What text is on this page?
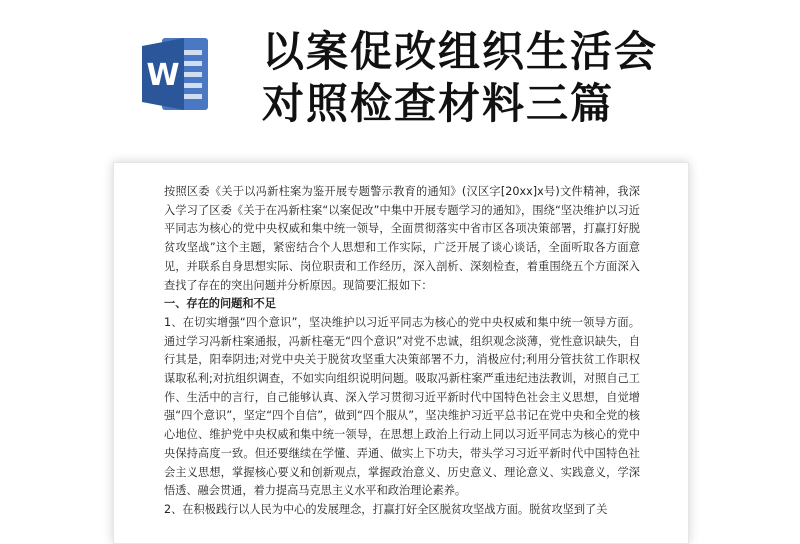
W 以案促改组织生活会
对照检查材料三篇

按照区委《关于以冯新柱案为鉴开展专题警示教育的通知》(汉区字[20xx]x号)文件精神，我深入学习了区委《关于在冯新柱案“以案促改”中集中开展专题学习的通知》，围绕“坚决维护以习近平同志为核心的党中央权威和集中统一领导，全面贯彻落实中省市区各项决策部署，打赢打好脱贫攻坚战”这个主题，紧密结合个人思想和工作实际，广泛开展了谈心谈话，全面听取各方面意见，并联系自身思想实际、岗位职责和工作经历，深入剖析、深刻检查，着重围绕五个方面深入查找了存在的突出问题并分析原因。现简要汇报如下：

一、存在的问题和不足

1、在切实增强“四个意识”，坚决维护以习近平同志为核心的党中央权威和集中统一领导方面。通过学习冯新柱案通报，冯新柱毫无“四个意识”对党不忠诚，组织观念淡薄，党性意识缺失，自行其是，阳奉阴违;对党中央关于脱贫攻坚重大决策部署不力，消极应付;利用分管扶贫工作职权谋取私利;对抗组织调查，不如实向组织说明问题。吸取冯新柱案严重违纪违法教训，对照自己工作、生活中的言行，自己能够认真、深入学习贯彻习近平新时代中国特色社会主义思想，自觉增强“四个意识”，坚定“四个自信”，做到“四个服从”，坚决维护习近平总书记在党中央和全党的核心地位、维护党中央权威和集中统一领导，在思想上政治上行动上同以习近平同志为核心的党中央保持高度一致。但还要继续在学懂、弄通、做实上下功夫，带头学习习近平新时代中国特色社会主义思想，掌握核心要义和创新观点，掌握政治意义、历史意义、理论意义、实践意义，学深悟透、融会贯通，着力提高马克思主义水平和政治理论素养。

2、在积极践行以人民为中心的发展理念，打赢打好全区脱贫攻坚战方面。脱贫攻坚到了关
